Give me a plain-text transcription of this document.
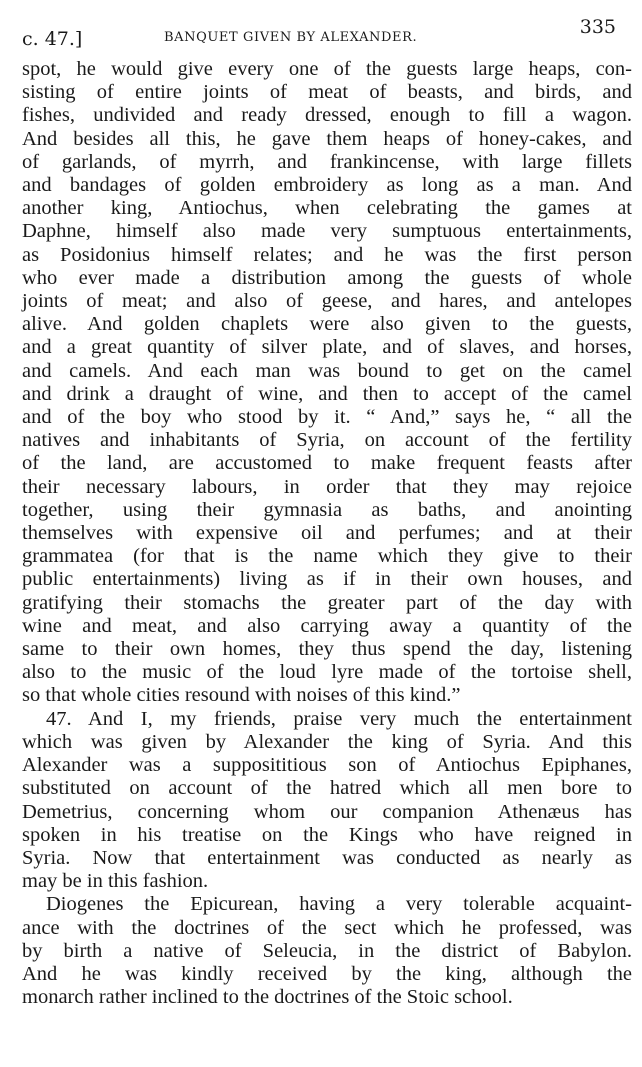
c. 47.]	BANQUET GIVEN BY ALEXANDER.	335
spot, he would give every one of the guests large heaps, con-
sisting of entire joints of meat of beasts, and birds, and
fishes, undivided and ready dressed, enough to fill a wagon.
And besides all this, he gave them heaps of honey-cakes, and
of garlands, of myrrh, and frankincense, with large fillets
and bandages of golden embroidery as long as a man. And
another king, Antiochus, when celebrating the games at
Daphne, himself also made very sumptuous entertainments,
as Posidonius himself relates; and he was the first person
who ever made a distribution among the guests of whole
joints of meat; and also of geese, and hares, and antelopes
alive. And golden chaplets were also given to the guests,
and a great quantity of silver plate, and of slaves, and horses,
and camels. And each man was bound to get on the camel
and drink a draught of wine, and then to accept of the camel
and of the boy who stood by it. “ And,” says he, “ all the
natives and inhabitants of Syria, on account of the fertility
of the land, are accustomed to make frequent feasts after
their necessary labours, in order that they may rejoice
together, using their gymnasia as baths, and anointing
themselves with expensive oil and perfumes; and at their
grammatea (for that is the name which they give to their
public entertainments) living as if in their own houses, and
gratifying their stomachs the greater part of the day with
wine and meat, and also carrying away a quantity of the
same to their own homes, they thus spend the day, listening
also to the music of the loud lyre made of the tortoise shell,
so that whole cities resound with noises of this kind.”
47. And I, my friends, praise very much the entertainment
which was given by Alexander the king of Syria. And this
Alexander was a supposititious son of Antiochus Epiphanes,
substituted on account of the hatred which all men bore to
Demetrius, concerning whom our companion Athenæus has
spoken in his treatise on the Kings who have reigned in
Syria. Now that entertainment was conducted as nearly as
may be in this fashion.
Diogenes the Epicurean, having a very tolerable acquaint-
ance with the doctrines of the sect which he professed, was
by birth a native of Seleucia, in the district of Babylon.
And he was kindly received by the king, although the
monarch rather inclined to the doctrines of the Stoic school.
